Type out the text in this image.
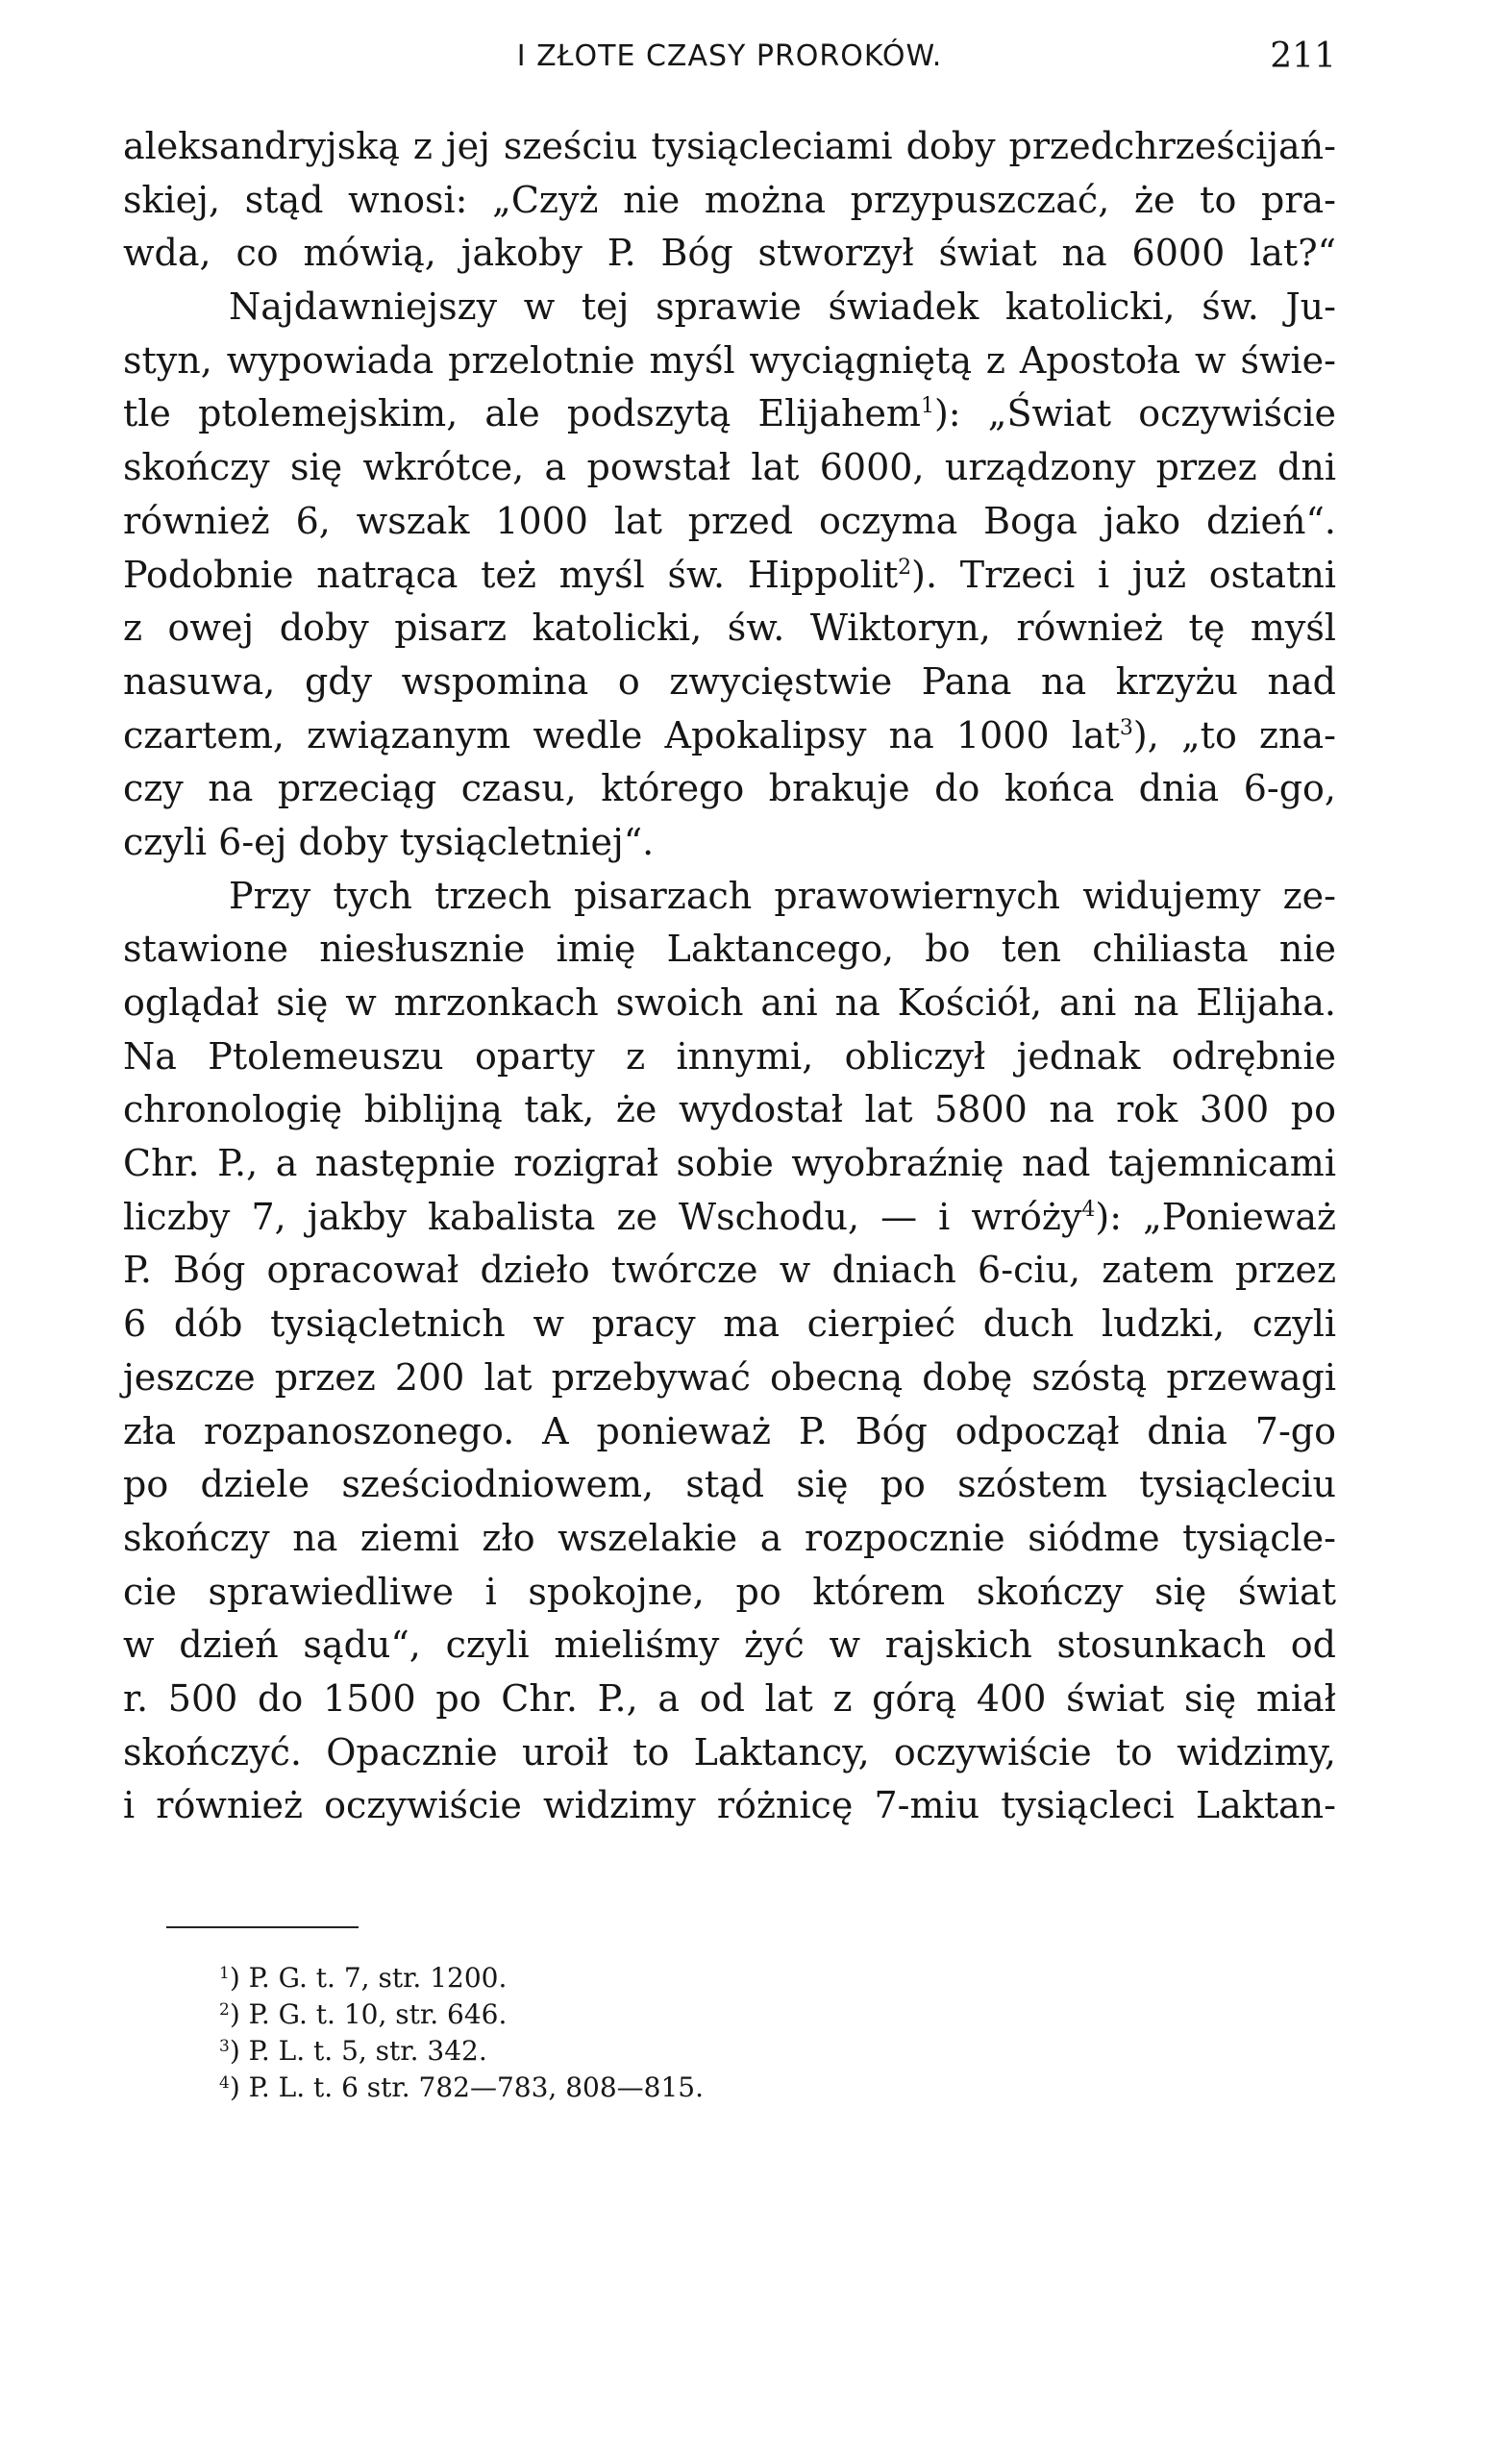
I ZŁOTE CZASY PROROKÓW.	211
aleksandryjską z jej sześciu tysiącleciami doby przedchrześcijań-
skiej, stąd wnosi: „Czyż nie można przypuszczać, że to pra-
wda, co mówią, jakoby P. Bóg stworzył świat na 6000 lat?“
Najdawniejszy w tej sprawie świadek katolicki, św. Ju-
styn, wypowiada przelotnie myśl wyciągniętą z Apostoła w świe-
tle ptolemejskim, ale podszytą Elijahem$^1$): „Świat oczywiście
skończy się wkrótce, a powstał lat 6000, urządzony przez dni
również 6, wszak 1000 lat przed oczyma Boga jako dzień“.
Podobnie natrąca też myśl św. Hippolit$^2$). Trzeci i już ostatni
z owej doby pisarz katolicki, św. Wiktoryn, również tę myśl
nasuwa, gdy wspomina o zwycięstwie Pana na krzyżu nad
czartem, związanym wedle Apokalipsy na 1000 lat$^3$), „to zna-
czy na przeciąg czasu, którego brakuje do końca dnia 6-go,
czyli 6-ej doby tysiącletniej“.
Przy tych trzech pisarzach prawowiernych widujemy ze-
stawione niesłusznie imię Laktancego, bo ten chiliasta nie
oglądał się w mrzonkach swoich ani na Kościół, ani na Elijaha.
Na Ptolemeuszu oparty z innymi, obliczył jednak odrębnie
chronologię biblijną tak, że wydostał lat 5800 na rok 300 po
Chr. P., a następnie rozigrał sobie wyobraźnię nad tajemnicami
liczby 7, jakby kabalista ze Wschodu, — i wróży$^4$): „Ponieważ
P. Bóg opracował dzieło twórcze w dniach 6-ciu, zatem przez
6 dób tysiącletnich w pracy ma cierpieć duch ludzki, czyli
jeszcze przez 200 lat przebywać obecną dobę szóstą przewagi
zła rozpanoszonego. A ponieważ P. Bóg odpoczął dnia 7-go
po dziele sześciodniowem, stąd się po szóstem tysiącleciu
skończy na ziemi zło wszelakie a rozpocznie siódme tysiącle-
cie sprawiedliwe i spokojne, po którem skończy się świat
w dzień sądu“, czyli mieliśmy żyć w rajskich stosunkach od
r. 500 do 1500 po Chr. P., a od lat z górą 400 świat się miał
skończyć. Opacznie uroił to Laktancy, oczywiście to widzimy,
i również oczywiście widzimy różnicę 7-miu tysiącleci Laktan-
$^1$) P. G. t. 7, str. 1200.
$^2$) P. G. t. 10, str. 646.
$^3$) P. L. t. 5, str. 342.
$^4$) P. L. t. 6 str. 782—783, 808—815.
